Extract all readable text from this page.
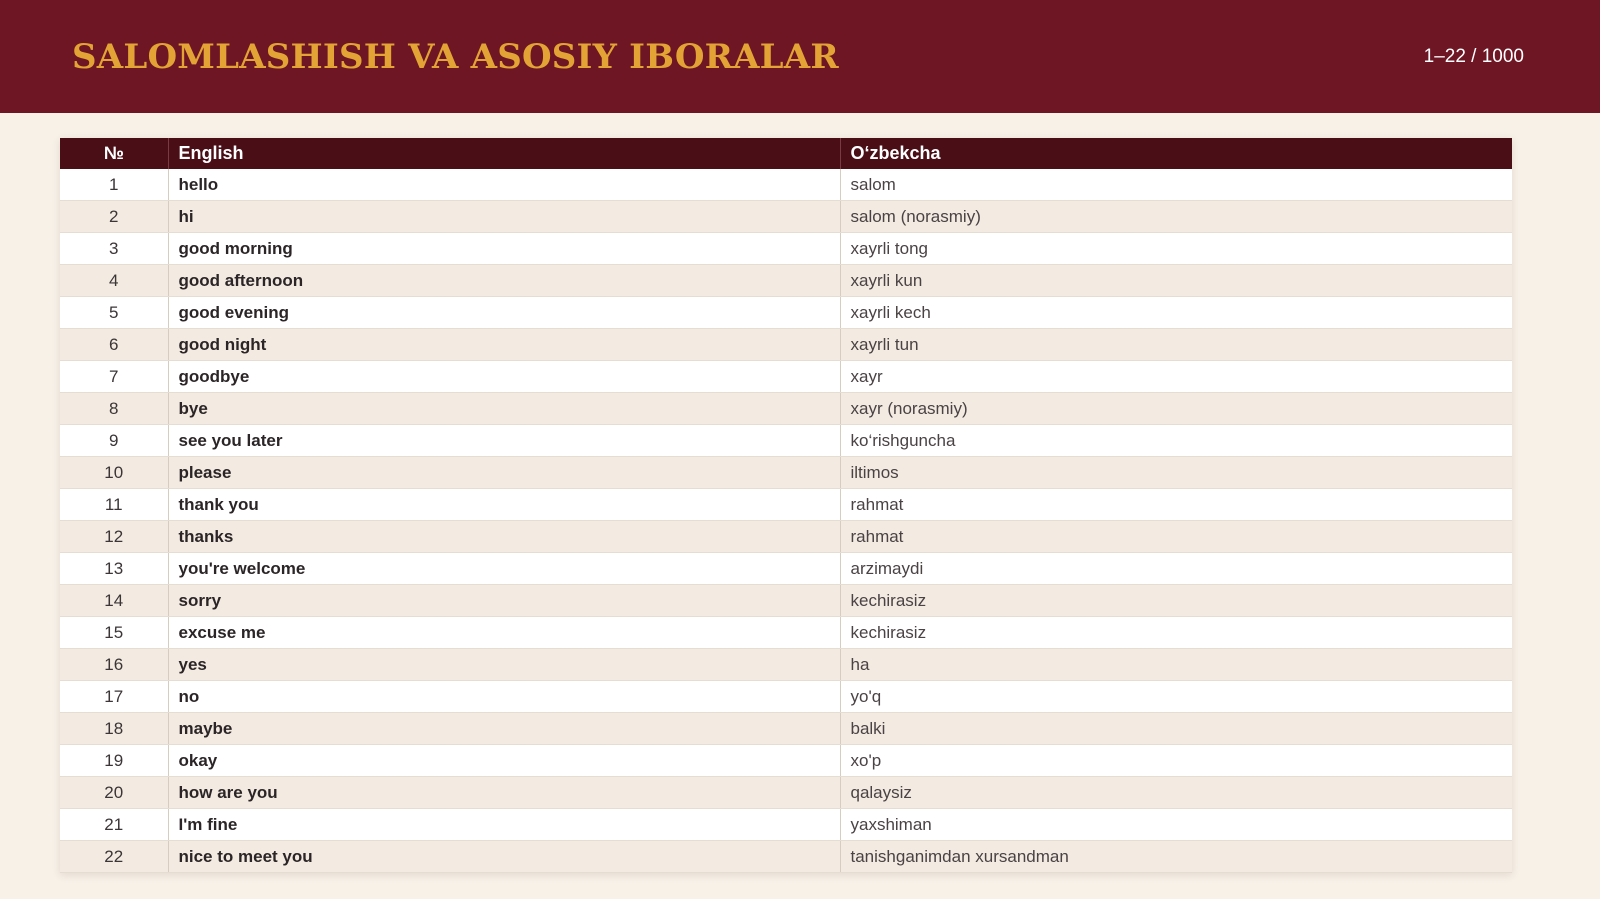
SALOMLASHISH VA ASOSIY IBORALAR	1–22 / 1000
№	English	O‘zbekcha
1	hello	salom
2	hi	salom (norasmiy)
3	good morning	xayrli tong
4	good afternoon	xayrli kun
5	good evening	xayrli kech
6	good night	xayrli tun
7	goodbye	xayr
8	bye	xayr (norasmiy)
9	see you later	ko‘rishguncha
10	please	iltimos
11	thank you	rahmat
12	thanks	rahmat
13	you're welcome	arzimaydi
14	sorry	kechirasiz
15	excuse me	kechirasiz
16	yes	ha
17	no	yo'q
18	maybe	balki
19	okay	xo'p
20	how are you	qalaysiz
21	I'm fine	yaxshiman
22	nice to meet you	tanishganimdan xursandman
